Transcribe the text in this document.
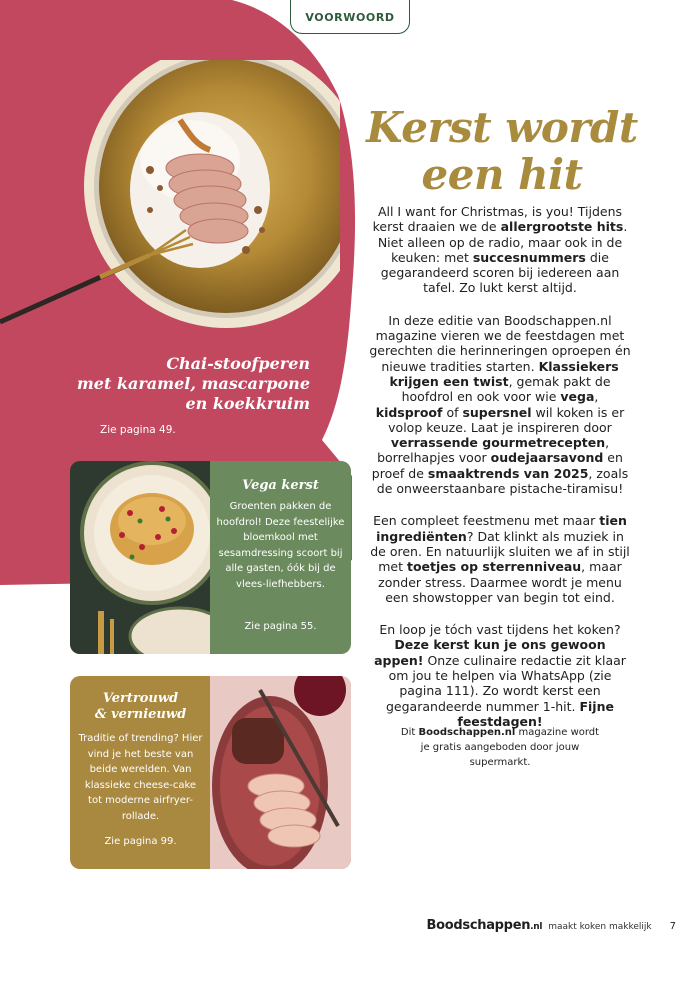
VOORWOORD
Chai-stoofperen
met karamel, mascarpone
en koekkruim
Zie pagina 49.
Kerst wordt
een hit

All I want for Christmas, is you! Tijdens kerst draaien we de allergrootste hits. Niet alleen op de radio, maar ook in de keuken: met succesnummers die gegarandeerd scoren bij iedereen aan tafel. Zo lukt kerst altijd.

In deze editie van Boodschappen.nl magazine vieren we de feestdagen met gerechten die herinneringen oproepen én nieuwe tradities starten. Klassiekers krijgen een twist, gemak pakt de hoofdrol en ook voor wie vega, kidsproof of supersnel wil koken is er volop keuze. Laat je inspireren door verrassende gourmetrecepten, borrelhapjes voor oudejaarsavond en proef de smaaktrends van 2025, zoals de onweerstaanbare pistache-tiramisu!

Een compleet feestmenu met maar tien ingrediënten? Dat klinkt als muziek in de oren. En natuurlijk sluiten we af in stijl met toetjes op sterrenniveau, maar zonder stress. Daarmee wordt je menu een showstopper van begin tot eind.

En loop je tóch vast tijdens het koken? Deze kerst kun je ons gewoon appen! Onze culinaire redactie zit klaar om jou te helpen via WhatsApp (zie pagina 111). Zo wordt kerst een gegarandeerde nummer 1-hit. Fijne feestdagen!

Dit Boodschappen.nl magazine wordt je gratis aangeboden door jouw supermarkt.
Vega kerst
Groenten pakken de hoofdrol! Deze feestelijke bloemkool met sesamdressing scoort bij alle gasten, óók bij de vlees-liefhebbers.
Zie pagina 55.
Vertrouwd
& vernieuwd
Traditie of trending? Hier vind je het beste van beide werelden. Van klassieke cheese-cake tot moderne airfryer-rollade.
Zie pagina 99.
Boodschappen.nl maakt koken makkelijk 7
